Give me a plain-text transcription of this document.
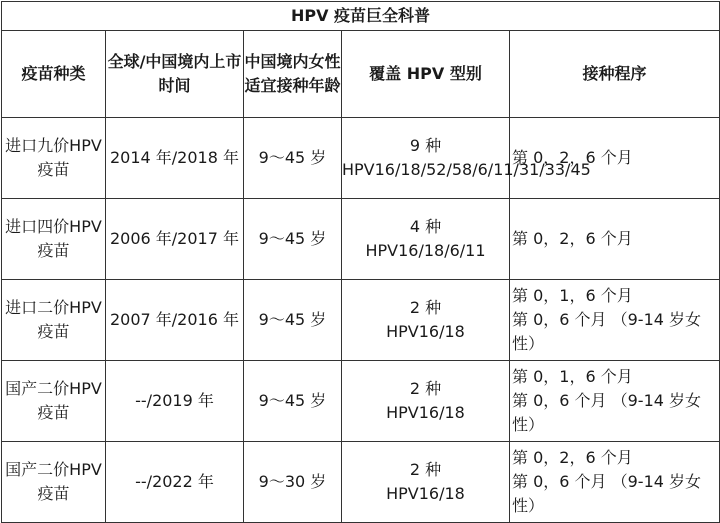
HPV 疫苗巨全科普				
疫苗种类	全球/中国境内上市时间	中国境内女性适宜接种年龄	覆盖 HPV 型别	接种程序
进口九价HPV 疫苗	2014 年/2018 年	9～45 岁	9 种
HPV16/18/52/58/6/11/31/33/45	第 0，2，6 个月

进口四价HPV 疫苗	2006 年/2017 年	9～45 岁	4 种
HPV16/18/6/11	第 0，2，6 个月

进口二价HPV 疫苗	2007 年/2016 年	9～45 岁	2 种
HPV16/18	第 0，1，6 个月
第 0，6 个月 （9-14 岁女性）

国产二价HPV 疫苗	--/2019 年	9～45 岁	2 种
HPV16/18	第 0，1，6 个月
第 0，6 个月 （9-14 岁女性）

国产二价HPV 疫苗	--/2022 年	9～30 岁	2 种
HPV16/18	第 0，2，6 个月
第 0，6 个月 （9-14 岁女性）
